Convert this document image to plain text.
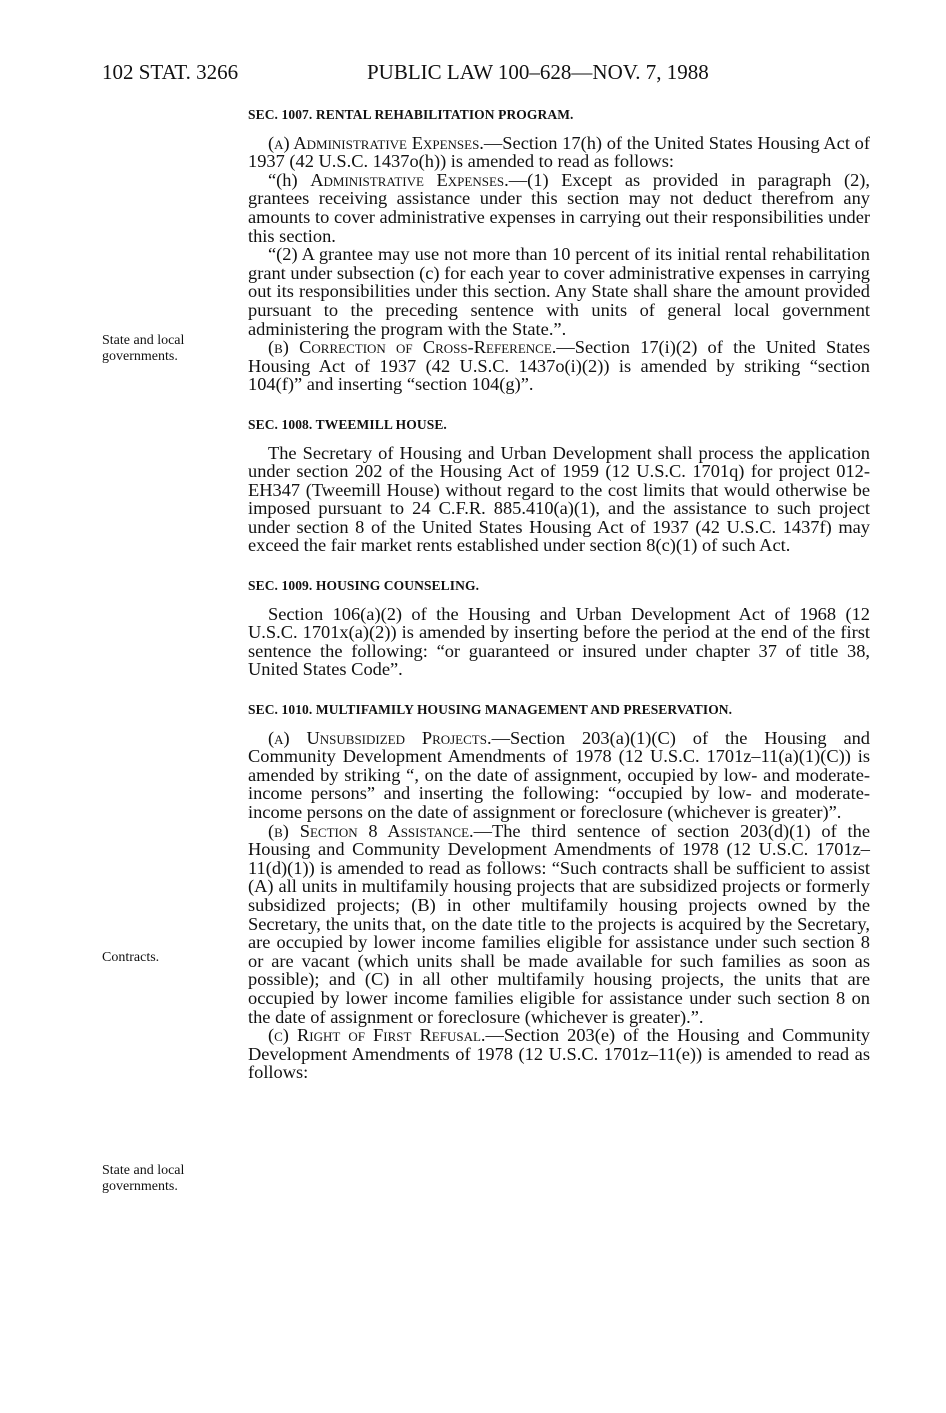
102 STAT. 3266	PUBLIC LAW 100–628—NOV. 7, 1988
State and local governments.
Contracts.
State and local governments.
SEC. 1007. RENTAL REHABILITATION PROGRAM.

(a) Administrative Expenses.—Section 17(h) of the United States Housing Act of 1937 (42 U.S.C. 1437o(h)) is amended to read as follows:

“(h) Administrative Expenses.—(1) Except as provided in paragraph (2), grantees receiving assistance under this section may not deduct therefrom any amounts to cover administrative expenses in carrying out their responsibilities under this section.

“(2) A grantee may use not more than 10 percent of its initial rental rehabilitation grant under subsection (c) for each year to cover administrative expenses in carrying out its responsibilities under this section. Any State shall share the amount provided pursuant to the preceding sentence with units of general local government administering the program with the State.”.

(b) Correction of Cross-Reference.—Section 17(i)(2) of the United States Housing Act of 1937 (42 U.S.C. 1437o(i)(2)) is amended by striking “section 104(f)” and inserting “section 104(g)”.

SEC. 1008. TWEEMILL HOUSE.

The Secretary of Housing and Urban Development shall process the application under section 202 of the Housing Act of 1959 (12 U.S.C. 1701q) for project 012-EH347 (Tweemill House) without regard to the cost limits that would otherwise be imposed pursuant to 24 C.F.R. 885.410(a)(1), and the assistance to such project under section 8 of the United States Housing Act of 1937 (42 U.S.C. 1437f) may exceed the fair market rents established under section 8(c)(1) of such Act.

SEC. 1009. HOUSING COUNSELING.

Section 106(a)(2) of the Housing and Urban Development Act of 1968 (12 U.S.C. 1701x(a)(2)) is amended by inserting before the period at the end of the first sentence the following: “or guaranteed or insured under chapter 37 of title 38, United States Code”.

SEC. 1010. MULTIFAMILY HOUSING MANAGEMENT AND PRESERVATION.

(a) Unsubsidized Projects.—Section 203(a)(1)(C) of the Housing and Community Development Amendments of 1978 (12 U.S.C. 1701z–11(a)(1)(C)) is amended by striking “, on the date of assignment, occupied by low- and moderate-income persons” and inserting the following: “occupied by low- and moderate-income persons on the date of assignment or foreclosure (whichever is greater)”.

(b) Section 8 Assistance.—The third sentence of section 203(d)(1) of the Housing and Community Development Amendments of 1978 (12 U.S.C. 1701z–11(d)(1)) is amended to read as follows: “Such contracts shall be sufficient to assist (A) all units in multifamily housing projects that are subsidized projects or formerly subsidized projects; (B) in other multifamily housing projects owned by the Secretary, the units that, on the date title to the projects is acquired by the Secretary, are occupied by lower income families eligible for assistance under such section 8 or are vacant (which units shall be made available for such families as soon as possible); and (C) in all other multifamily housing projects, the units that are occupied by lower income families eligible for assistance under such section 8 on the date of assignment or foreclosure (whichever is greater).”.

(c) Right of First Refusal.—Section 203(e) of the Housing and Community Development Amendments of 1978 (12 U.S.C. 1701z–11(e)) is amended to read as follows:
